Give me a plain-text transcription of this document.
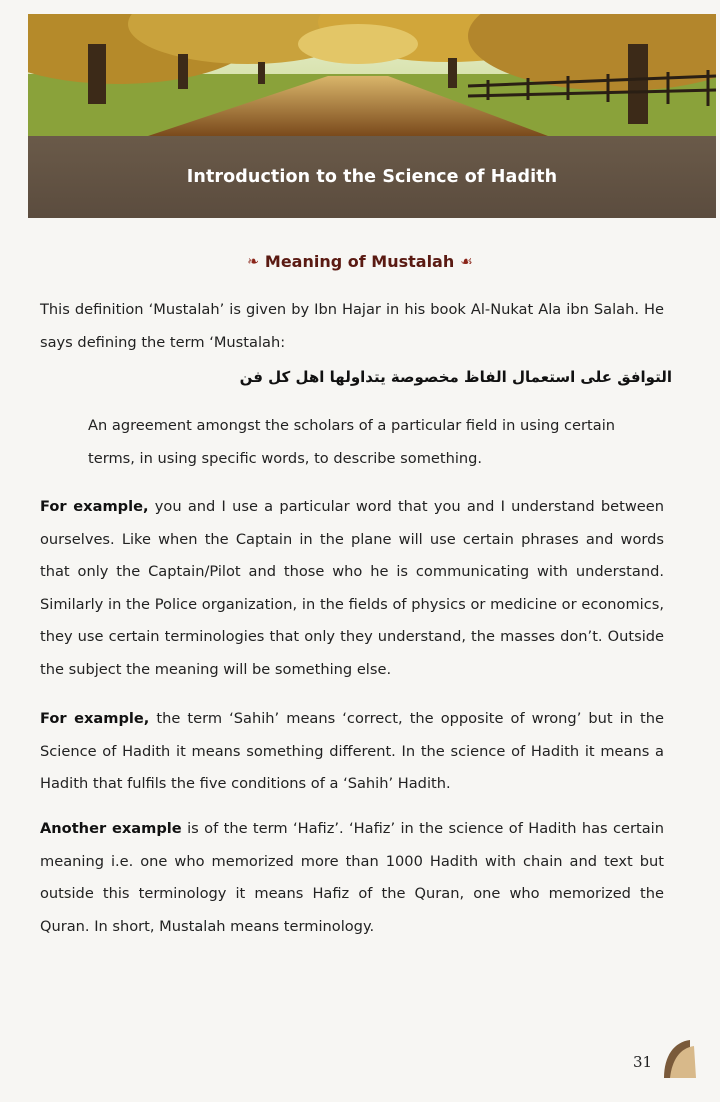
Introduction to the Science of Hadith
❧ Meaning of Mustalah ☙

This definition ‘Mustalah’ is given by Ibn Hajar in his book Al-Nukat Ala ibn Salah. He says defining the term ‘Mustalah:

التوافق على استعمال الفاظ مخصوصة يتداولها اهل كل فن

An agreement amongst the scholars of a particular field in using certain terms, in using specific words, to describe something.

For example, you and I use a particular word that you and I understand between ourselves. Like when the Captain in the plane will use certain phrases and words that only the Captain/Pilot and those who he is communicating with understand. Similarly in the Police organization, in the fields of physics or medicine or economics, they use certain terminologies that only they understand, the masses don’t. Outside the subject the meaning will be something else.

For example, the term ‘Sahih’ means ‘correct, the opposite of wrong’ but in the Science of Hadith it means something different. In the science of Hadith it means a Hadith that fulfils the five conditions of a ‘Sahih’ Hadith.

Another example is of the term ‘Hafiz’. ‘Hafiz’ in the science of Hadith has certain meaning i.e. one who memorized more than 1000 Hadith with chain and text but outside this terminology it means Hafiz of the Quran, one who memorized the Quran. In short, Mustalah means terminology.

31
